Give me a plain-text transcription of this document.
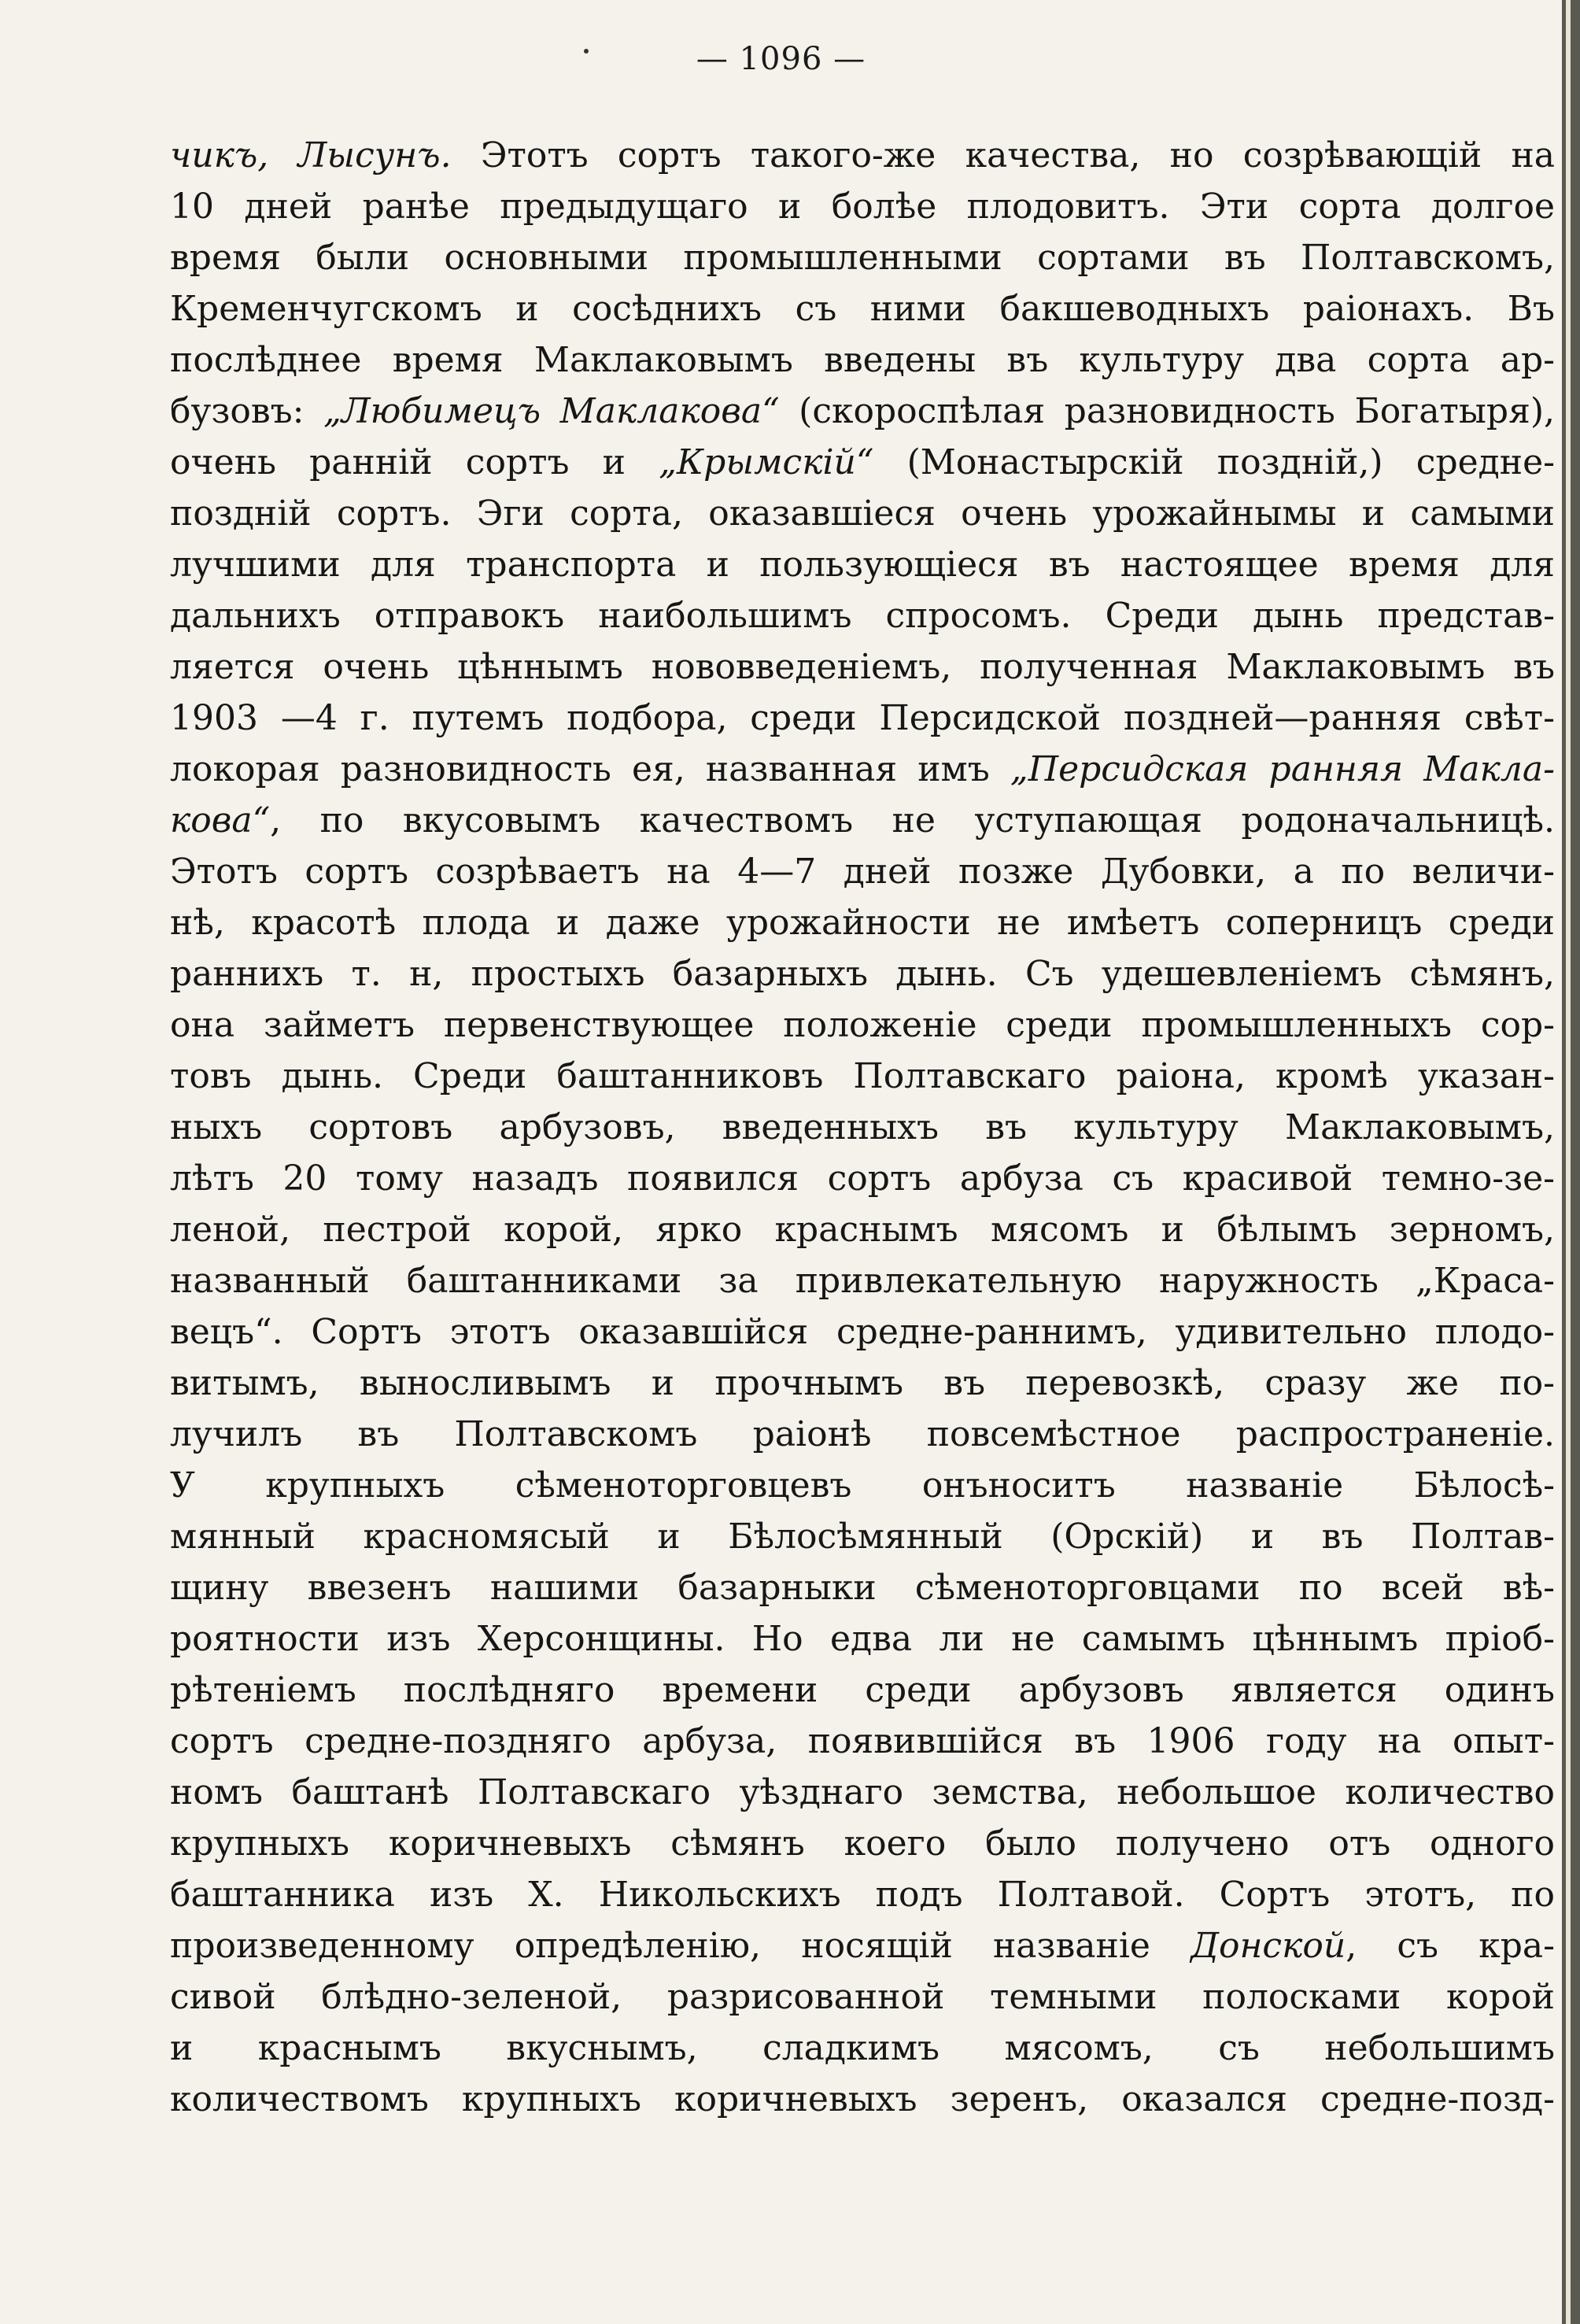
— 1096 —
чикъ, Лысунъ. Этотъ сортъ такого-же качества, но созрѣвающій на
10 дней ранѣе предыдущаго и болѣе плодовитъ. Эти сорта долгое
время были основными промышленными сортами въ Полтавскомъ,
Кременчугскомъ и сосѣднихъ съ ними бакшеводныхъ раіонахъ. Въ
послѣднее время Маклаковымъ введены въ культуру два сорта ар-
бузовъ: „Любимецъ Маклакова“ (скороспѣлая разновидность Богатыря),
очень ранній сортъ и „Крымскій“ (Монастырскій поздній,) средне-
поздній сортъ. Эги сорта, оказавшіеся очень урожайнымы и самыми
лучшими для транспорта и пользующіеся въ настоящее время для
дальнихъ отправокъ наибольшимъ спросомъ. Среди дынь представ-
ляется очень цѣннымъ нововведеніемъ, полученная Маклаковымъ въ
1903 —4 г. путемъ подбора, среди Персидской поздней—ранняя свѣт-
локорая разновидность ея, названная имъ „Персидская ранняя Макла-
кова“, по вкусовымъ качествомъ не уступающая родоначальницѣ.
Этотъ сортъ созрѣваетъ на 4—7 дней позже Дубовки, а по величи-
нѣ, красотѣ плода и даже урожайности не имѣетъ соперницъ среди
раннихъ т. н, простыхъ базарныхъ дынь. Съ удешевленіемъ сѣмянъ,
она займетъ первенствующее положеніе среди промышленныхъ сор-
товъ дынь. Среди баштанниковъ Полтавскаго раіона, кромѣ указан-
ныхъ сортовъ арбузовъ, введенныхъ въ культуру Маклаковымъ,
лѣтъ 20 тому назадъ появился сортъ арбуза съ красивой темно-зе-
леной, пестрой корой, ярко краснымъ мясомъ и бѣлымъ зерномъ,
названный баштанниками за привлекательную наружность „Краса-
вецъ“. Сортъ этотъ оказавшійся средне-раннимъ, удивительно плодо-
витымъ, выносливымъ и прочнымъ въ перевозкѣ, сразу же по-
лучилъ въ Полтавскомъ раіонѣ повсемѣстное распространеніе.
У крупныхъ сѣменоторговцевъ онъноситъ названіе Бѣлосѣ-
мянный красномясый и Бѣлосѣмянный (Орскій) и въ Полтав-
щину ввезенъ нашими базарныки сѣменоторговцами по всей вѣ-
роятности изъ Херсонщины. Но едва ли не самымъ цѣннымъ пріоб-
рѣтеніемъ послѣдняго времени среди арбузовъ является одинъ
сортъ средне-поздняго арбуза, появившійся въ 1906 году на опыт-
номъ баштанѣ Полтавскаго уѣзднаго земства, небольшое количество
крупныхъ коричневыхъ сѣмянъ коего было получено отъ одного
баштанника изъ Х. Никольскихъ подъ Полтавой. Сортъ этотъ, по
произведенному опредѣленію, носящій названіе Донской, съ кра-
сивой блѣдно-зеленой, разрисованной темными полосками корой
и краснымъ вкуснымъ, сладкимъ мясомъ, съ небольшимъ
количествомъ крупныхъ коричневыхъ зеренъ, оказался средне-позд-
